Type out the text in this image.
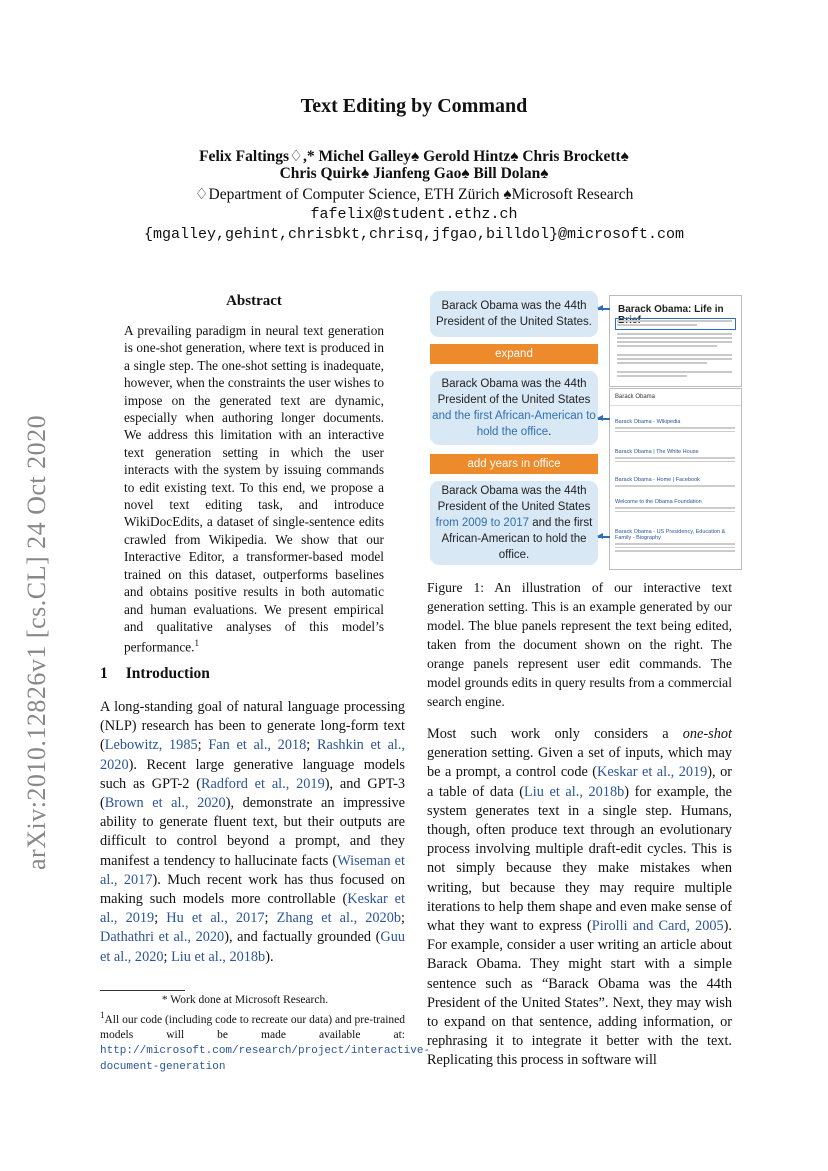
Text Editing by Command
Felix Faltings♢,* Michel Galley♠ Gerold Hintz♠ Chris Brockett♠
Chris Quirk♠ Jianfeng Gao♠ Bill Dolan♠
♢Department of Computer Science, ETH Zürich ♠Microsoft Research
fafelix@student.ethz.ch
{mgalley,gehint,chrisbkt,chrisq,jfgao,billdol}@microsoft.com
arXiv:2010.12826v1 [cs.CL] 24 Oct 2020
Abstract
A prevailing paradigm in neural text generation is one-shot generation, where text is produced in a single step. The one-shot setting is inadequate, however, when the constraints the user wishes to impose on the generated text are dynamic, especially when authoring longer documents. We address this limitation with an interactive text generation setting in which the user interacts with the system by issuing commands to edit existing text. To this end, we propose a novel text editing task, and introduce WikiDocEdits, a dataset of single-sentence edits crawled from Wikipedia. We show that our Interactive Editor, a transformer-based model trained on this dataset, outperforms baselines and obtains positive results in both automatic and human evaluations. We present empirical and qualitative analyses of this model’s performance.$^1$
1 Introduction
A long-standing goal of natural language processing (NLP) research has been to generate long-form text (Lebowitz, 1985; Fan et al., 2018; Rashkin et al., 2020). Recent large generative language models such as GPT-2 (Radford et al., 2019), and GPT-3 (Brown et al., 2020), demonstrate an impressive ability to generate fluent text, but their outputs are difficult to control beyond a prompt, and they manifest a tendency to hallucinate facts (Wiseman et al., 2017). Much recent work has thus focused on making such models more controllable (Keskar et al., 2019; Hu et al., 2017; Zhang et al., 2020b; Dathathri et al., 2020), and factually grounded (Guu et al., 2020; Liu et al., 2018b).
* Work done at Microsoft Research.
$^1$All our code (including code to recreate our data) and pre-trained models will be made available at: http://microsoft.com/research/project/interactive-document-generation
Barack Obama was the 44th President of the United States.
expand
Barack Obama was the 44th President of the United States and the first African-American to hold the office.
add years in office
Barack Obama was the 44th President of the United States from 2009 to 2017 and the first African-American to hold the office.
Barack Obama: Life in
Barack Obama
Barack Obama - Wikipedia
Barack Obama | The White House
Barack Obama - Home | Facebook
Welcome to the Obama Foundation
Barack Obama - US Presidency, Education & Family - Biography
Figure 1: An illustration of our interactive text generation setting. This is an example generated by our model. The blue panels represent the text being edited, taken from the document shown on the right. The orange panels represent user edit commands. The model grounds edits in query results from a commercial search engine.
Most such work only considers a one-shot generation setting. Given a set of inputs, which may be a prompt, a control code (Keskar et al., 2019), or a table of data (Liu et al., 2018b) for example, the system generates text in a single step. Humans, though, often produce text through an evolutionary process involving multiple draft-edit cycles. This is not simply because they make mistakes when writing, but because they may require multiple iterations to help them shape and even make sense of what they want to express (Pirolli and Card, 2005). For example, consider a user writing an article about Barack Obama. They might start with a simple sentence such as “Barack Obama was the 44th President of the United States”. Next, they may wish to expand on that sentence, adding information, or rephrasing it to integrate it better with the text. Replicating this process in software will
